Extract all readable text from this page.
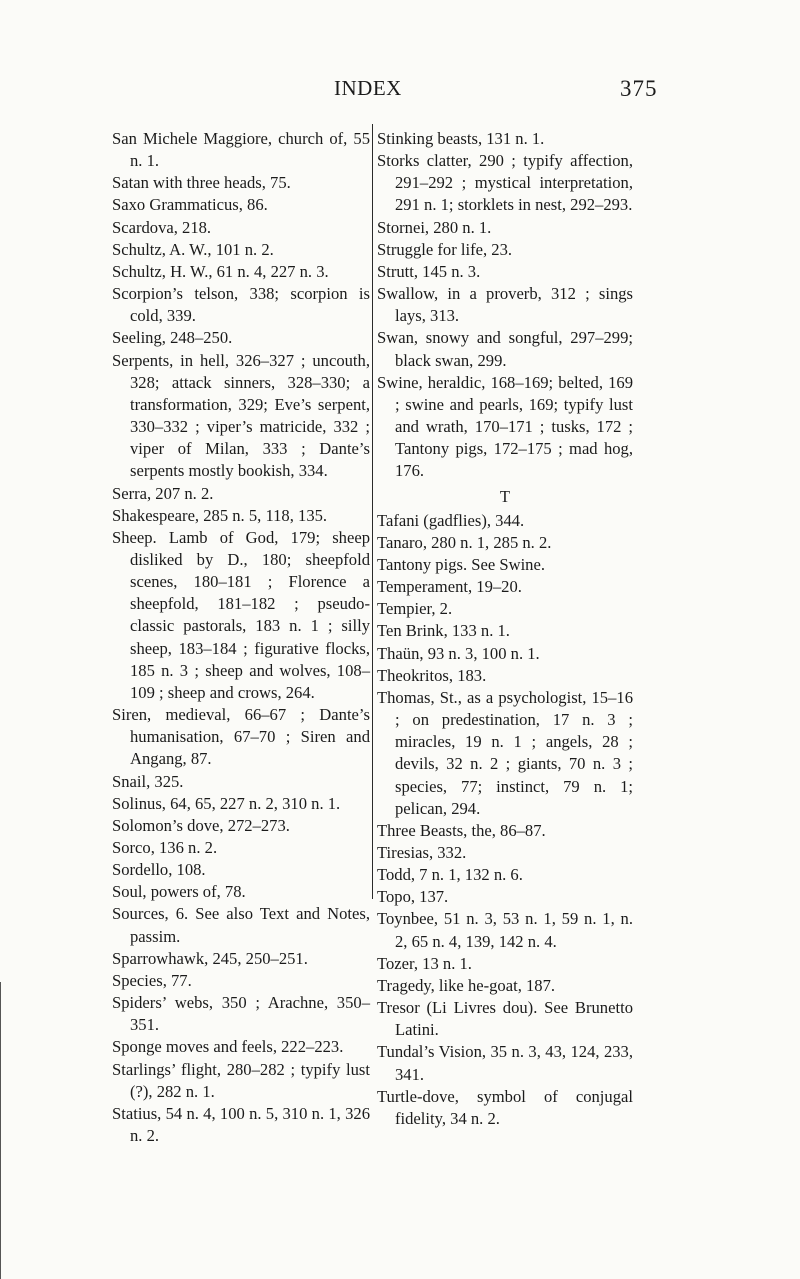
INDEX	375

San Michele Maggiore, church of, 55 n. 1.

Satan with three heads, 75.

Saxo Grammaticus, 86.

Scardova, 218.

Schultz, A. W., 101 n. 2.

Schultz, H. W., 61 n. 4, 227 n. 3.

Scorpion’s telson, 338; scorpion is cold, 339.

Seeling, 248–250.

Serpents, in hell, 326–327 ; uncouth, 328; attack sinners, 328–330; a transformation, 329; Eve’s serpent, 330–332 ; viper’s matricide, 332 ; viper of Milan, 333 ; Dante’s serpents mostly bookish, 334.

Serra, 207 n. 2.

Shakespeare, 285 n. 5, 118, 135.

Sheep. Lamb of God, 179; sheep disliked by D., 180; sheepfold scenes, 180–181 ; Florence a sheepfold, 181–182 ; pseudo-classic pastorals, 183 n. 1 ; silly sheep, 183–184 ; figurative flocks, 185 n. 3 ; sheep and wolves, 108–109 ; sheep and crows, 264.

Siren, medieval, 66–67 ; Dante’s humanisation, 67–70 ; Siren and Angang, 87.

Snail, 325.

Solinus, 64, 65, 227 n. 2, 310 n. 1.

Solomon’s dove, 272–273.

Sorco, 136 n. 2.

Sordello, 108.

Soul, powers of, 78.

Sources, 6. See also Text and Notes, passim.

Sparrowhawk, 245, 250–251.

Species, 77.

Spiders’ webs, 350 ; Arachne, 350–351.

Sponge moves and feels, 222–223.

Starlings’ flight, 280–282 ; typify lust (?), 282 n. 1.

Statius, 54 n. 4, 100 n. 5, 310 n. 1, 326 n. 2.

Stinking beasts, 131 n. 1.

Storks clatter, 290 ; typify affection, 291–292 ; mystical interpretation, 291 n. 1; storklets in nest, 292–293.

Stornei, 280 n. 1.

Struggle for life, 23.

Strutt, 145 n. 3.

Swallow, in a proverb, 312 ; sings lays, 313.

Swan, snowy and songful, 297–299; black swan, 299.

Swine, heraldic, 168–169; belted, 169 ; swine and pearls, 169; typify lust and wrath, 170–171 ; tusks, 172 ; Tantony pigs, 172–175 ; mad hog, 176.

T

Tafani (gadflies), 344.

Tanaro, 280 n. 1, 285 n. 2.

Tantony pigs. See Swine.

Temperament, 19–20.

Tempier, 2.

Ten Brink, 133 n. 1.

Thaün, 93 n. 3, 100 n. 1.

Theokritos, 183.

Thomas, St., as a psychologist, 15–16 ; on predestination, 17 n. 3 ; miracles, 19 n. 1 ; angels, 28 ; devils, 32 n. 2 ; giants, 70 n. 3 ; species, 77; instinct, 79 n. 1; pelican, 294.

Three Beasts, the, 86–87.

Tiresias, 332.

Todd, 7 n. 1, 132 n. 6.

Topo, 137.

Toynbee, 51 n. 3, 53 n. 1, 59 n. 1, n. 2, 65 n. 4, 139, 142 n. 4.

Tozer, 13 n. 1.

Tragedy, like he-goat, 187.

Tresor (Li Livres dou). See Brunetto Latini.

Tundal’s Vision, 35 n. 3, 43, 124, 233, 341.

Turtle-dove, symbol of conjugal fidelity, 34 n. 2.
